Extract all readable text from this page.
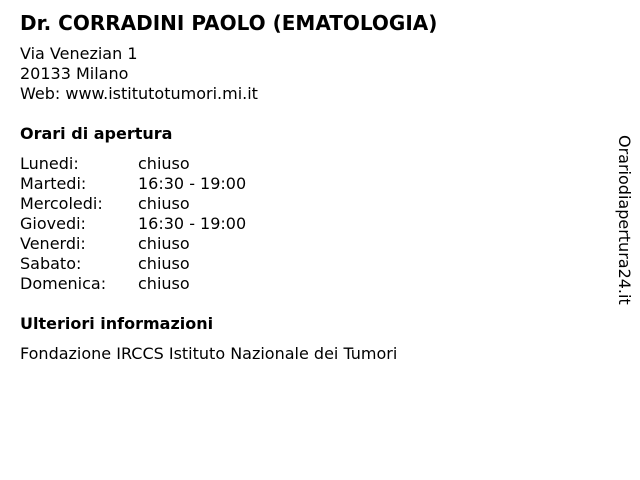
Dr. CORRADINI PAOLO (EMATOLOGIA)
Via Venezian 1
20133 Milano
Web: www.istitutotumori.mi.it
Orari di apertura
Lunedi:	chiuso
Martedi:	16:30 - 19:00
Mercoledi:	chiuso
Giovedi:	16:30 - 19:00
Venerdi:	chiuso
Sabato:	chiuso
Domenica:	chiuso
Ulteriori informazioni
Fondazione IRCCS Istituto Nazionale dei Tumori
Orariodiapertura24.it
